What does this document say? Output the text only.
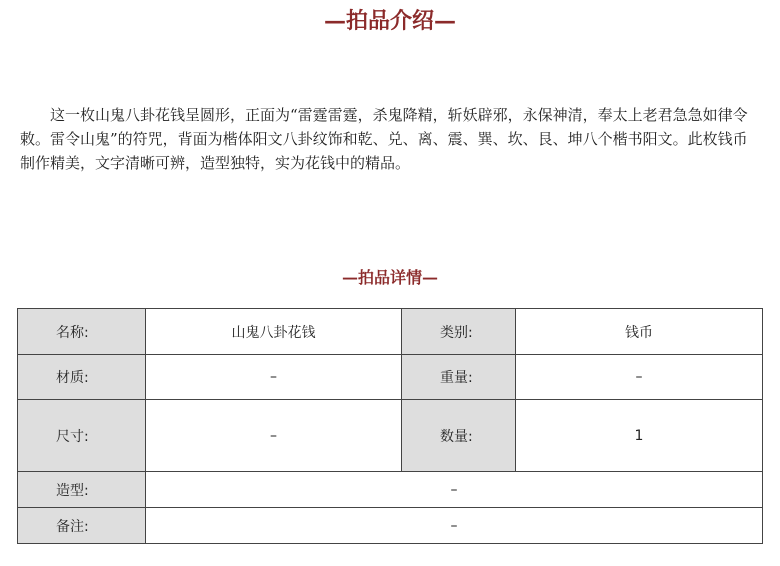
—拍品介绍—

这一枚山鬼八卦花钱呈圆形，正面为“雷霆雷霆，杀鬼降精，斩妖辟邪，永保神清，奉太上老君急急如律令敕。雷令山鬼”的符咒，背面为楷体阳文八卦纹饰和乾、兑、离、震、巽、坎、艮、坤八个楷书阳文。此枚钱币制作精美，文字清晰可辨，造型独特，实为花钱中的精品。

—拍品详情—
名称:	山鬼八卦花钱	类别:	钱币
材质:	–	重量:	–
尺寸:	–	数量:	1
造型:	–		
备注:	–		
